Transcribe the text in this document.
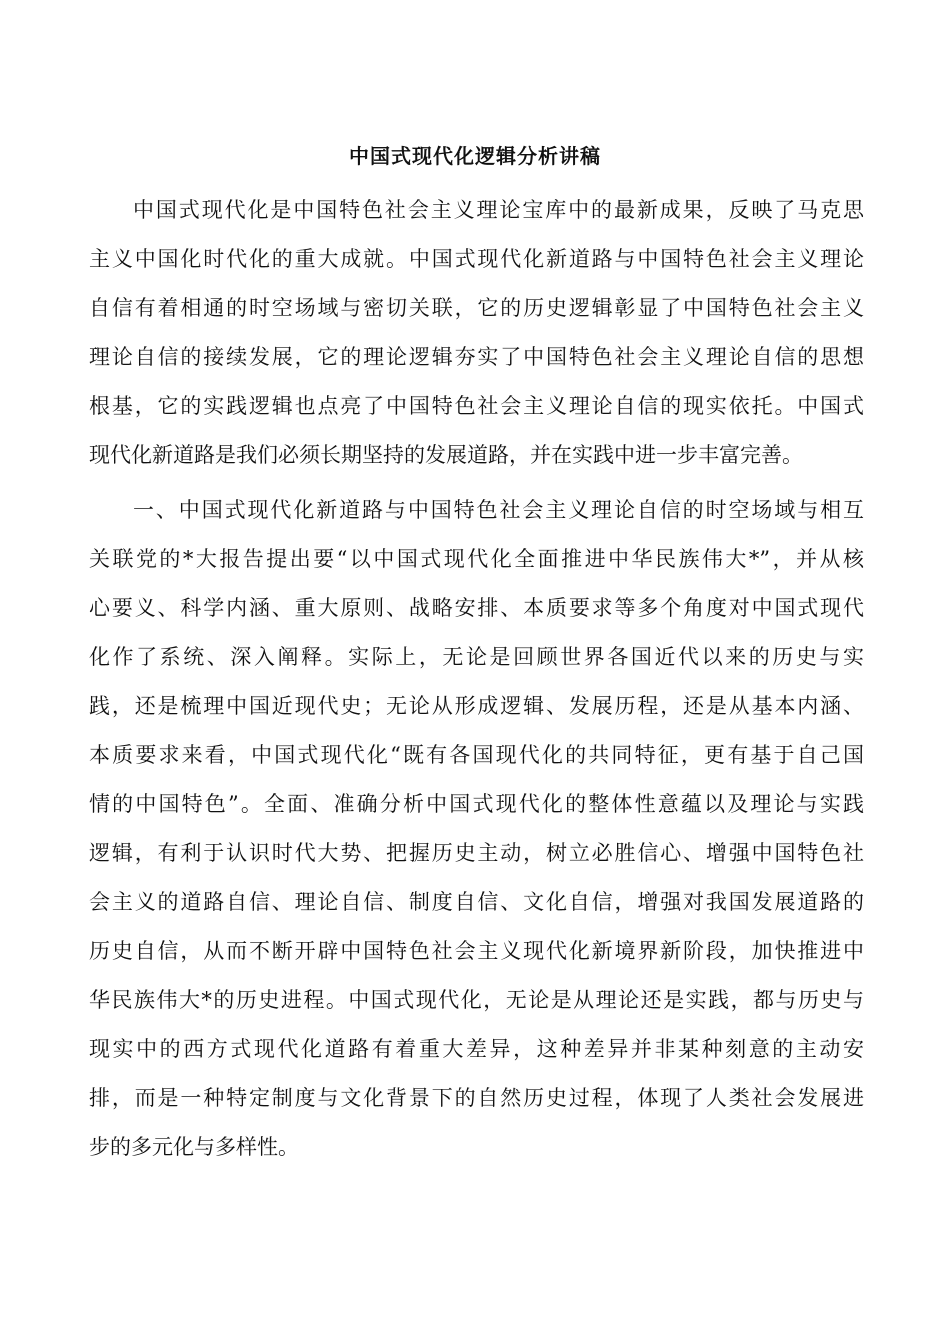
中国式现代化逻辑分析讲稿
中国式现代化是中国特色社会主义理论宝库中的最新成果，反映了马克思
主义中国化时代化的重大成就。中国式现代化新道路与中国特色社会主义理论
自信有着相通的时空场域与密切关联，它的历史逻辑彰显了中国特色社会主义
理论自信的接续发展，它的理论逻辑夯实了中国特色社会主义理论自信的思想
根基，它的实践逻辑也点亮了中国特色社会主义理论自信的现实依托。中国式
现代化新道路是我们必须长期坚持的发展道路，并在实践中进一步丰富完善。
一、中国式现代化新道路与中国特色社会主义理论自信的时空场域与相互
关联党的*大报告提出要“以中国式现代化全面推进中华民族伟大*”，并从核
心要义、科学内涵、重大原则、战略安排、本质要求等多个角度对中国式现代
化作了系统、深入阐释。实际上，无论是回顾世界各国近代以来的历史与实
践，还是梳理中国近现代史；无论从形成逻辑、发展历程，还是从基本内涵、
本质要求来看，中国式现代化“既有各国现代化的共同特征，更有基于自己国
情的中国特色”。全面、准确分析中国式现代化的整体性意蕴以及理论与实践
逻辑，有利于认识时代大势、把握历史主动，树立必胜信心、增强中国特色社
会主义的道路自信、理论自信、制度自信、文化自信，增强对我国发展道路的
历史自信，从而不断开辟中国特色社会主义现代化新境界新阶段，加快推进中
华民族伟大*的历史进程。中国式现代化，无论是从理论还是实践，都与历史与
现实中的西方式现代化道路有着重大差异，这种差异并非某种刻意的主动安
排，而是一种特定制度与文化背景下的自然历史过程，体现了人类社会发展进
步的多元化与多样性。
